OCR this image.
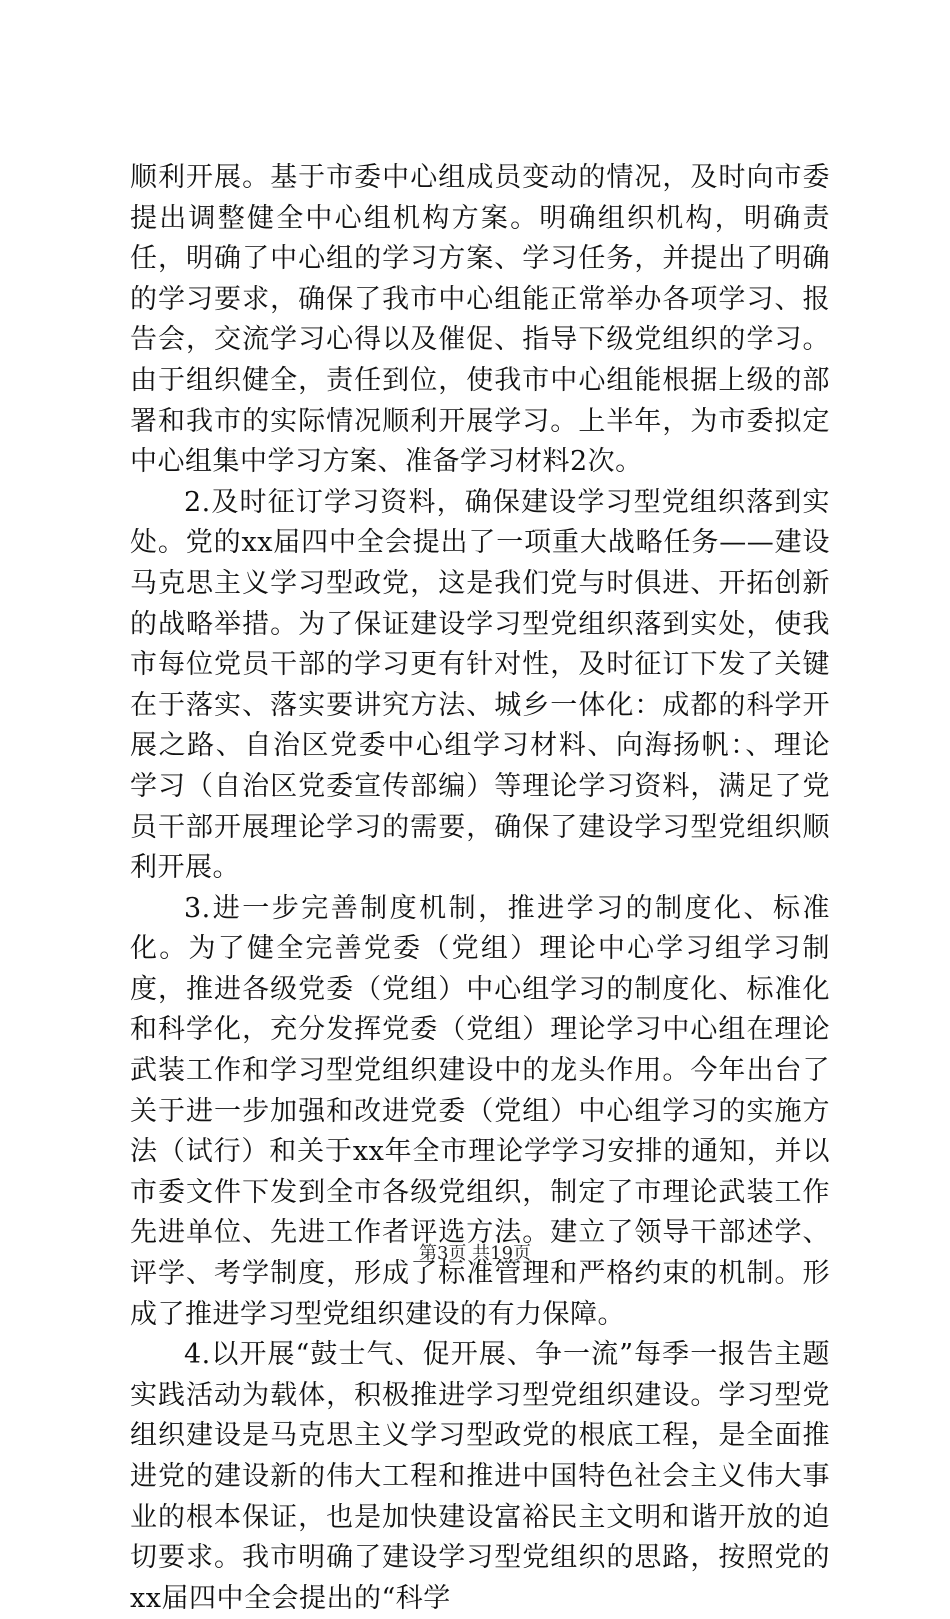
顺利开展。基于市委中心组成员变动的情况，及时向市委提出调整健全中心组机构方案。明确组织机构，明确责任，明确了中心组的学习方案、学习任务，并提出了明确的学习要求，确保了我市中心组能正常举办各项学习、报告会，交流学习心得以及催促、指导下级党组织的学习。由于组织健全，责任到位，使我市中心组能根据上级的部署和我市的实际情况顺利开展学习。上半年，为市委拟定中心组集中学习方案、准备学习材料2次。

2.及时征订学习资料，确保建设学习型党组织落到实处。党的xx届四中全会提出了一项重大战略任务——建设马克思主义学习型政党，这是我们党与时俱进、开拓创新的战略举措。为了保证建设学习型党组织落到实处，使我市每位党员干部的学习更有针对性，及时征订下发了关键在于落实、落实要讲究方法、城乡一体化：成都的科学开展之路、自治区党委中心组学习材料、向海扬帆：、理论学习（自治区党委宣传部编）等理论学习资料，满足了党员干部开展理论学习的需要，确保了建设学习型党组织顺利开展。

3.进一步完善制度机制，推进学习的制度化、标准化。为了健全完善党委（党组）理论中心学习组学习制度，推进各级党委（党组）中心组学习的制度化、标准化和科学化，充分发挥党委（党组）理论学习中心组在理论武装工作和学习型党组织建设中的龙头作用。今年出台了关于进一步加强和改进党委（党组）中心组学习的实施方法（试行）和关于xx年全市理论学学习安排的通知，并以市委文件下发到全市各级党组织，制定了市理论武装工作先进单位、先进工作者评选方法。建立了领导干部述学、评学、考学制度，形成了标准管理和严格约束的机制。形成了推进学习型党组织建设的有力保障。

4.以开展“鼓士气、促开展、争一流”每季一报告主题实践活动为载体，积极推进学习型党组织建设。学习型党组织建设是马克思主义学习型政党的根底工程，是全面推进党的建设新的伟大工程和推进中国特色社会主义伟大事业的根本保证，也是加快建设富裕民主文明和谐开放的迫切要求。我市明确了建设学习型党组织的思路，按照党的xx届四中全会提出的“科学

第3页 共19页
